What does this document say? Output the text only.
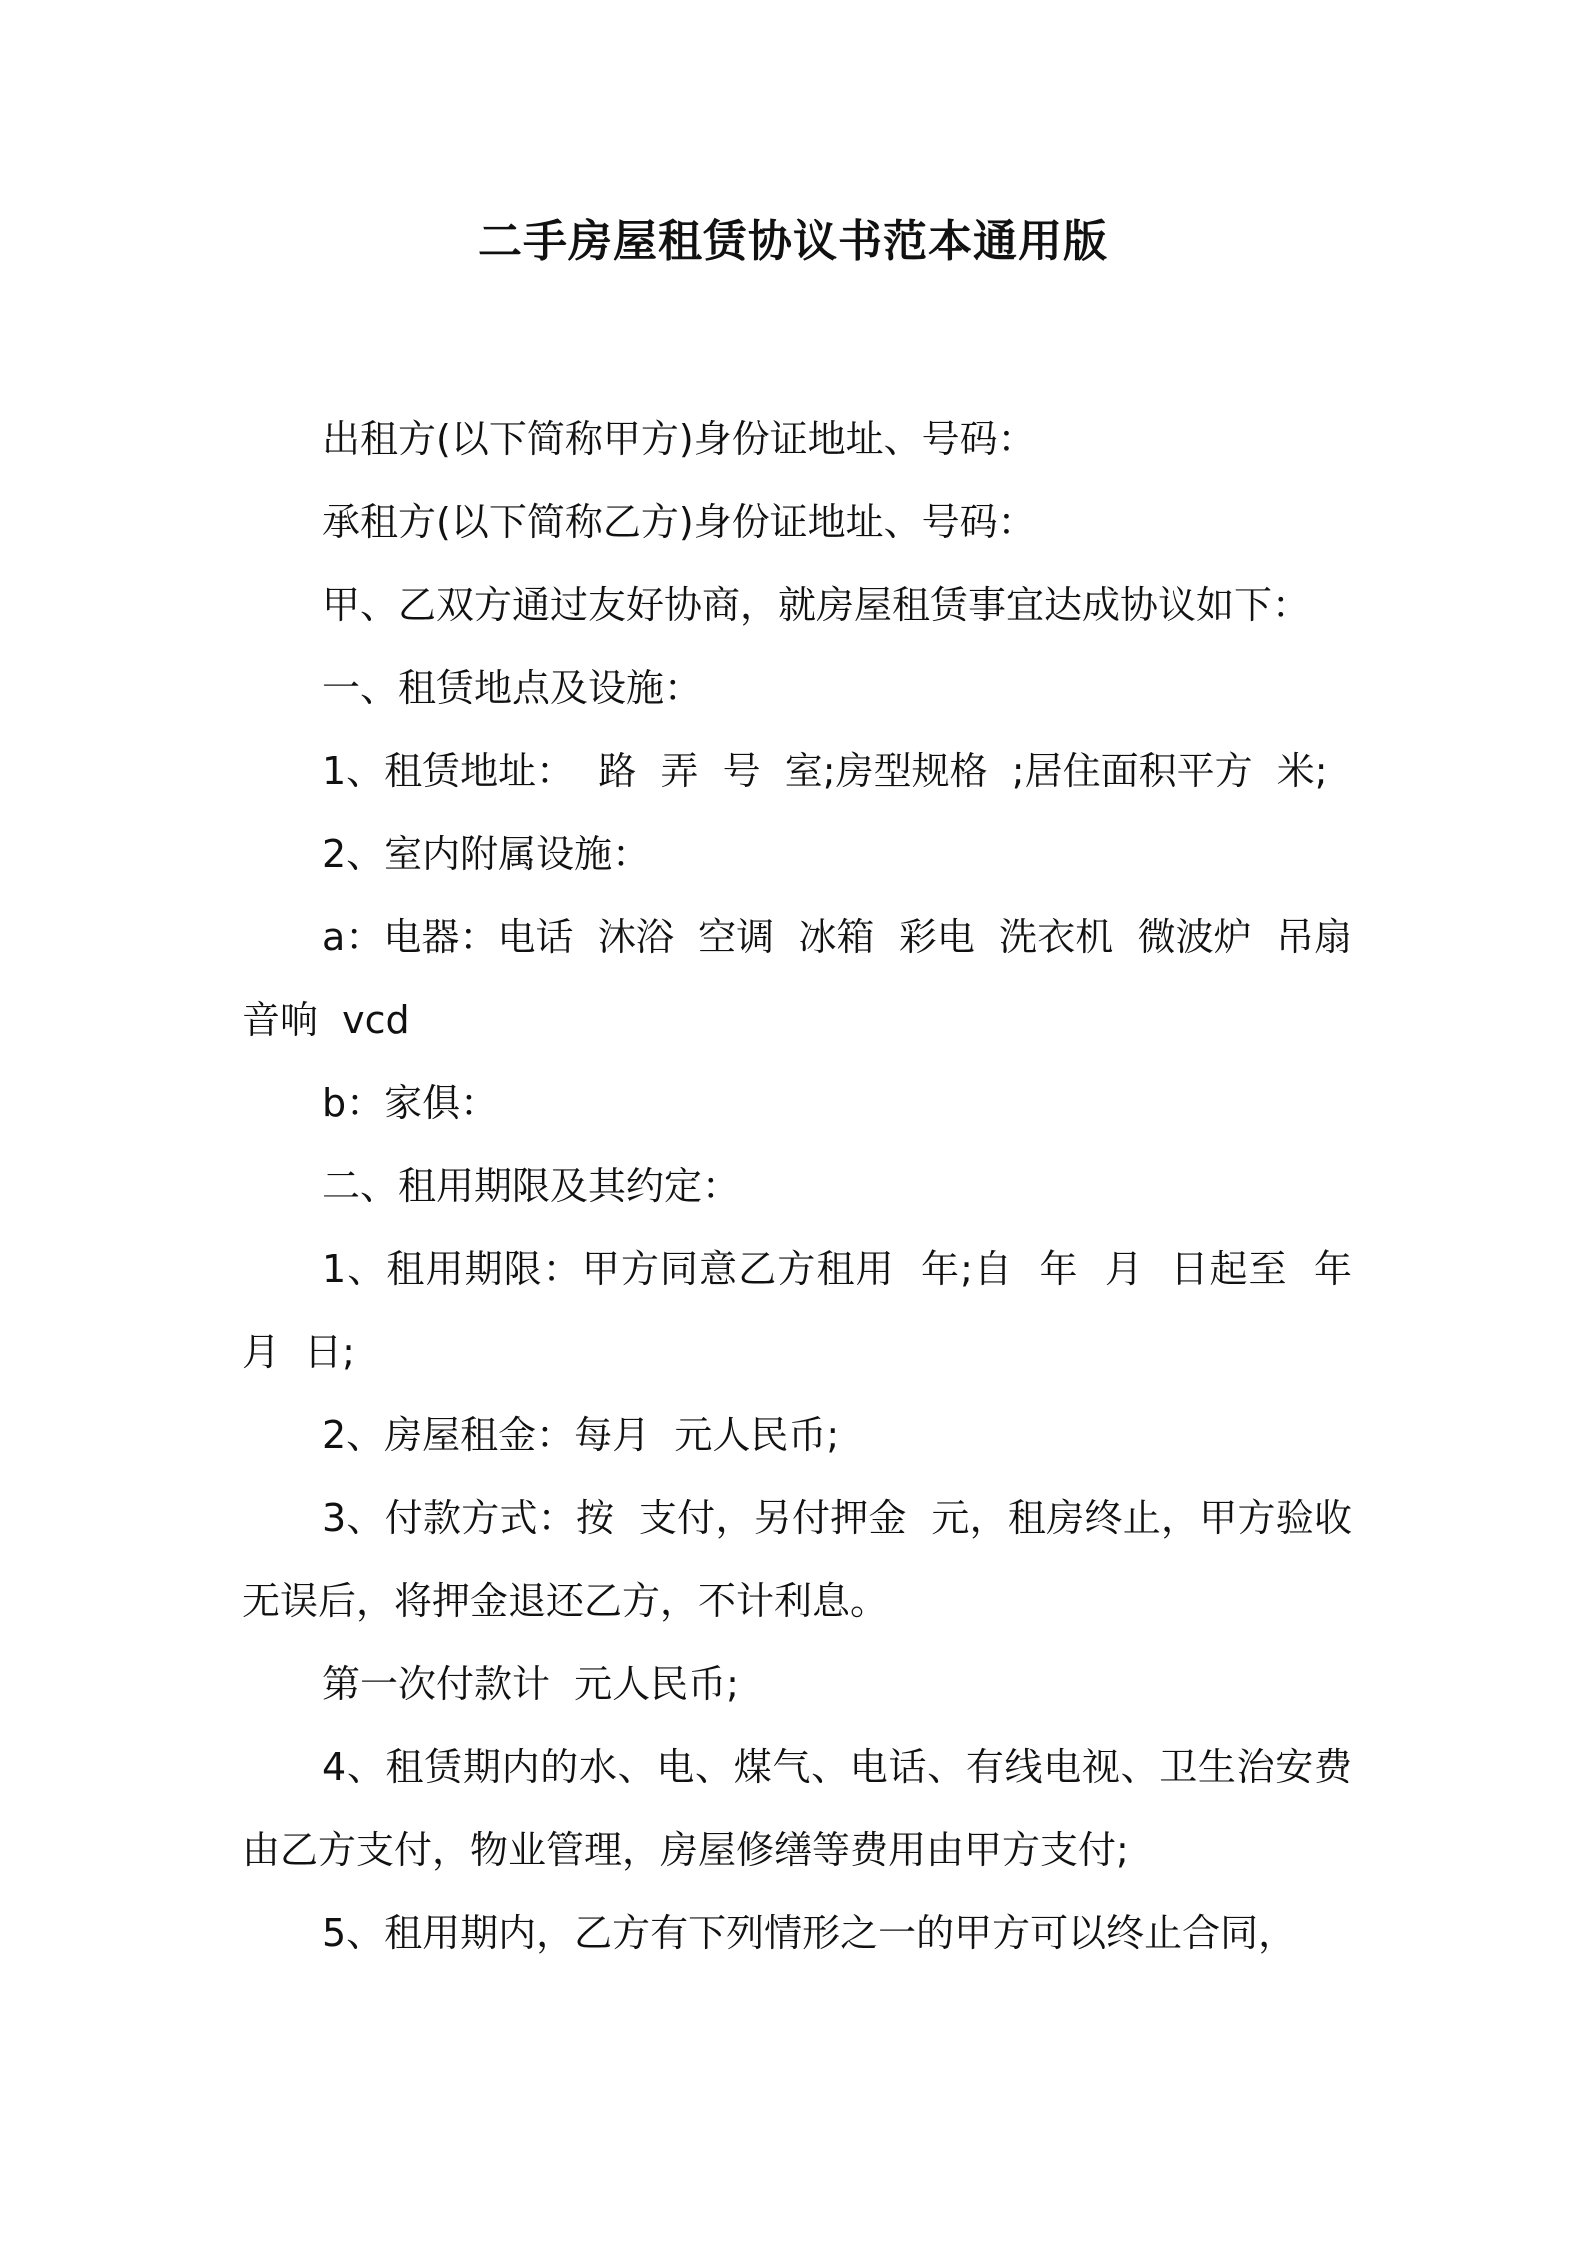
二手房屋租赁协议书范本通用版

出租方(以下简称甲方)身份证地址、号码：

承租方(以下简称乙方)身份证地址、号码：

甲、乙双方通过友好协商，就房屋租赁事宜达成协议如下：

一、租赁地点及设施：

1、租赁地址：  路  弄  号  室;房型规格  ;居住面积平方  米;

2、室内附属设施：

a：电器：电话  沐浴  空调  冰箱  彩电  洗衣机  微波炉  吊扇  音响  vcd

b：家俱：

二、租用期限及其约定：

1、租用期限：甲方同意乙方租用  年;自  年  月  日起至  年  月  日;

2、房屋租金：每月  元人民币;

3、付款方式：按  支付，另付押金  元，租房终止，甲方验收无误后，将押金退还乙方，不计利息。

第一次付款计  元人民币;

4、租赁期内的水、电、煤气、电话、有线电视、卫生治安费由乙方支付，物业管理，房屋修缮等费用由甲方支付;

5、租用期内，乙方有下列情形之一的甲方可以终止合同，
